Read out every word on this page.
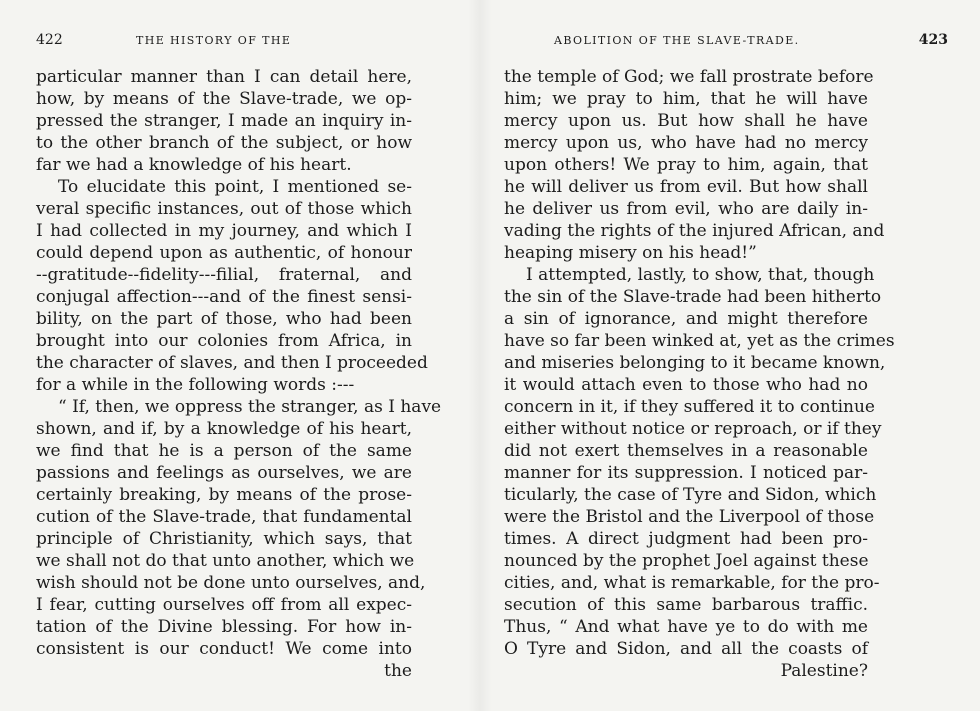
422	THE HISTORY OF THE
particular manner than I can detail here,
how, by means of the Slave-trade, we op-
pressed the stranger, I made an inquiry in-
to the other branch of the subject, or how
far we had a knowledge of his heart.
To elucidate this point, I mentioned se-
veral specific instances, out of those which
I had collected in my journey, and which I
could depend upon as authentic, of honour
--gratitude--fidelity---filial, fraternal, and
conjugal affection---and of the finest sensi-
bility, on the part of those, who had been
brought into our colonies from Africa, in
the character of slaves, and then I proceeded
for a while in the following words :---
“ If, then, we oppress the stranger, as I have
shown, and if, by a knowledge of his heart,
we find that he is a person of the same
passions and feelings as ourselves, we are
certainly breaking, by means of the prose-
cution of the Slave-trade, that fundamental
principle of Christianity, which says, that
we shall not do that unto another, which we
wish should not be done unto ourselves, and,
I fear, cutting ourselves off from all expec-
tation of the Divine blessing. For how in-
consistent is our conduct! We come into
the
ABOLITION OF THE SLAVE-TRADE.	423
the temple of God; we fall prostrate before
him; we pray to him, that he will have
mercy upon us. But how shall he have
mercy upon us, who have had no mercy
upon others! We pray to him, again, that
he will deliver us from evil. But how shall
he deliver us from evil, who are daily in-
vading the rights of the injured African, and
heaping misery on his head!”
I attempted, lastly, to show, that, though
the sin of the Slave-trade had been hitherto
a sin of ignorance, and might therefore
have so far been winked at, yet as the crimes
and miseries belonging to it became known,
it would attach even to those who had no
concern in it, if they suffered it to continue
either without notice or reproach, or if they
did not exert themselves in a reasonable
manner for its suppression. I noticed par-
ticularly, the case of Tyre and Sidon, which
were the Bristol and the Liverpool of those
times. A direct judgment had been pro-
nounced by the prophet Joel against these
cities, and, what is remarkable, for the pro-
secution of this same barbarous traffic.
Thus, “ And what have ye to do with me
O Tyre and Sidon, and all the coasts of
Palestine?
